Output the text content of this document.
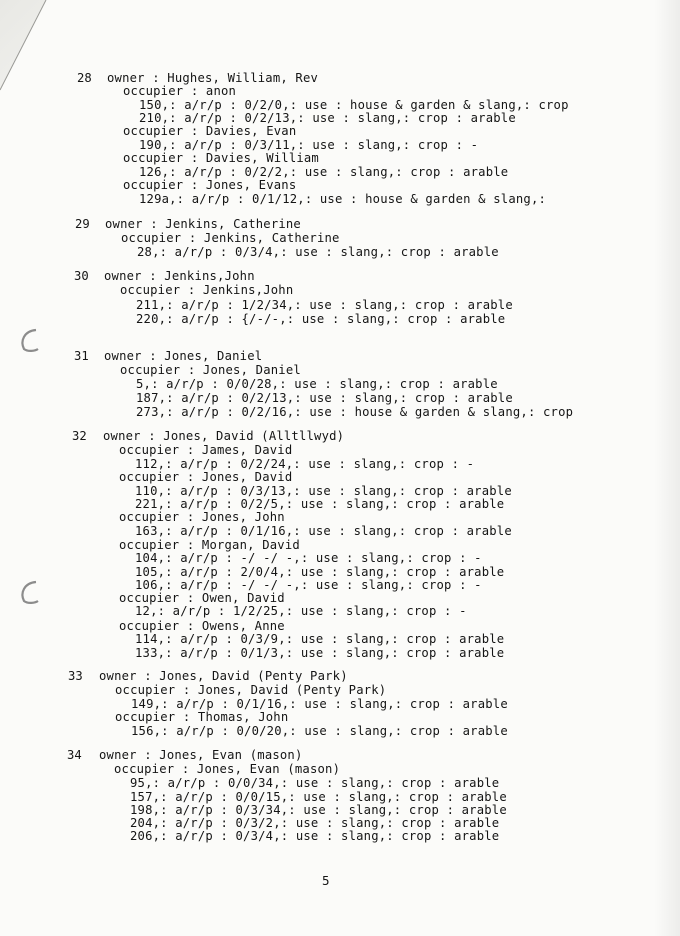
28 owner : Hughes, William, Rev
occupier : anon
150,: a/r/p : 0/2/0,: use : house & garden & slang,: crop
210,: a/r/p : 0/2/13,: use : slang,: crop : arable
occupier : Davies, Evan
190,: a/r/p : 0/3/11,: use : slang,: crop : -
occupier : Davies, William
126,: a/r/p : 0/2/2,: use : slang,: crop : arable
occupier : Jones, Evans
129a,: a/r/p : 0/1/12,: use : house & garden & slang,:
29 owner : Jenkins, Catherine
occupier : Jenkins, Catherine
28,: a/r/p : 0/3/4,: use : slang,: crop : arable
30 owner : Jenkins,John
occupier : Jenkins,John
211,: a/r/p : 1/2/34,: use : slang,: crop : arable
220,: a/r/p : {/-/-,: use : slang,: crop : arable
31 owner : Jones, Daniel
occupier : Jones, Daniel
5,: a/r/p : 0/0/28,: use : slang,: crop : arable
187,: a/r/p : 0/2/13,: use : slang,: crop : arable
273,: a/r/p : 0/2/16,: use : house & garden & slang,: crop
32 owner : Jones, David (Alltllwyd)
occupier : James, David
112,: a/r/p : 0/2/24,: use : slang,: crop : -
occupier : Jones, David
110,: a/r/p : 0/3/13,: use : slang,: crop : arable
221,: a/r/p : 0/2/5,: use : slang,: crop : arable
occupier : Jones, John
163,: a/r/p : 0/1/16,: use : slang,: crop : arable
occupier : Morgan, David
104,: a/r/p : -/ -/ -,: use : slang,: crop : -
105,: a/r/p : 2/0/4,: use : slang,: crop : arable
106,: a/r/p : -/ -/ -,: use : slang,: crop : -
occupier : Owen, David
12,: a/r/p : 1/2/25,: use : slang,: crop : -
occupier : Owens, Anne
114,: a/r/p : 0/3/9,: use : slang,: crop : arable
133,: a/r/p : 0/1/3,: use : slang,: crop : arable
33 owner : Jones, David (Penty Park)
occupier : Jones, David (Penty Park)
149,: a/r/p : 0/1/16,: use : slang,: crop : arable
occupier : Thomas, John
156,: a/r/p : 0/0/20,: use : slang,: crop : arable
34 owner : Jones, Evan (mason)
occupier : Jones, Evan (mason)
95,: a/r/p : 0/0/34,: use : slang,: crop : arable
157,: a/r/p : 0/0/15,: use : slang,: crop : arable
198,: a/r/p : 0/3/34,: use : slang,: crop : arable
204,: a/r/p : 0/3/2,: use : slang,: crop : arable
206,: a/r/p : 0/3/4,: use : slang,: crop : arable
5
